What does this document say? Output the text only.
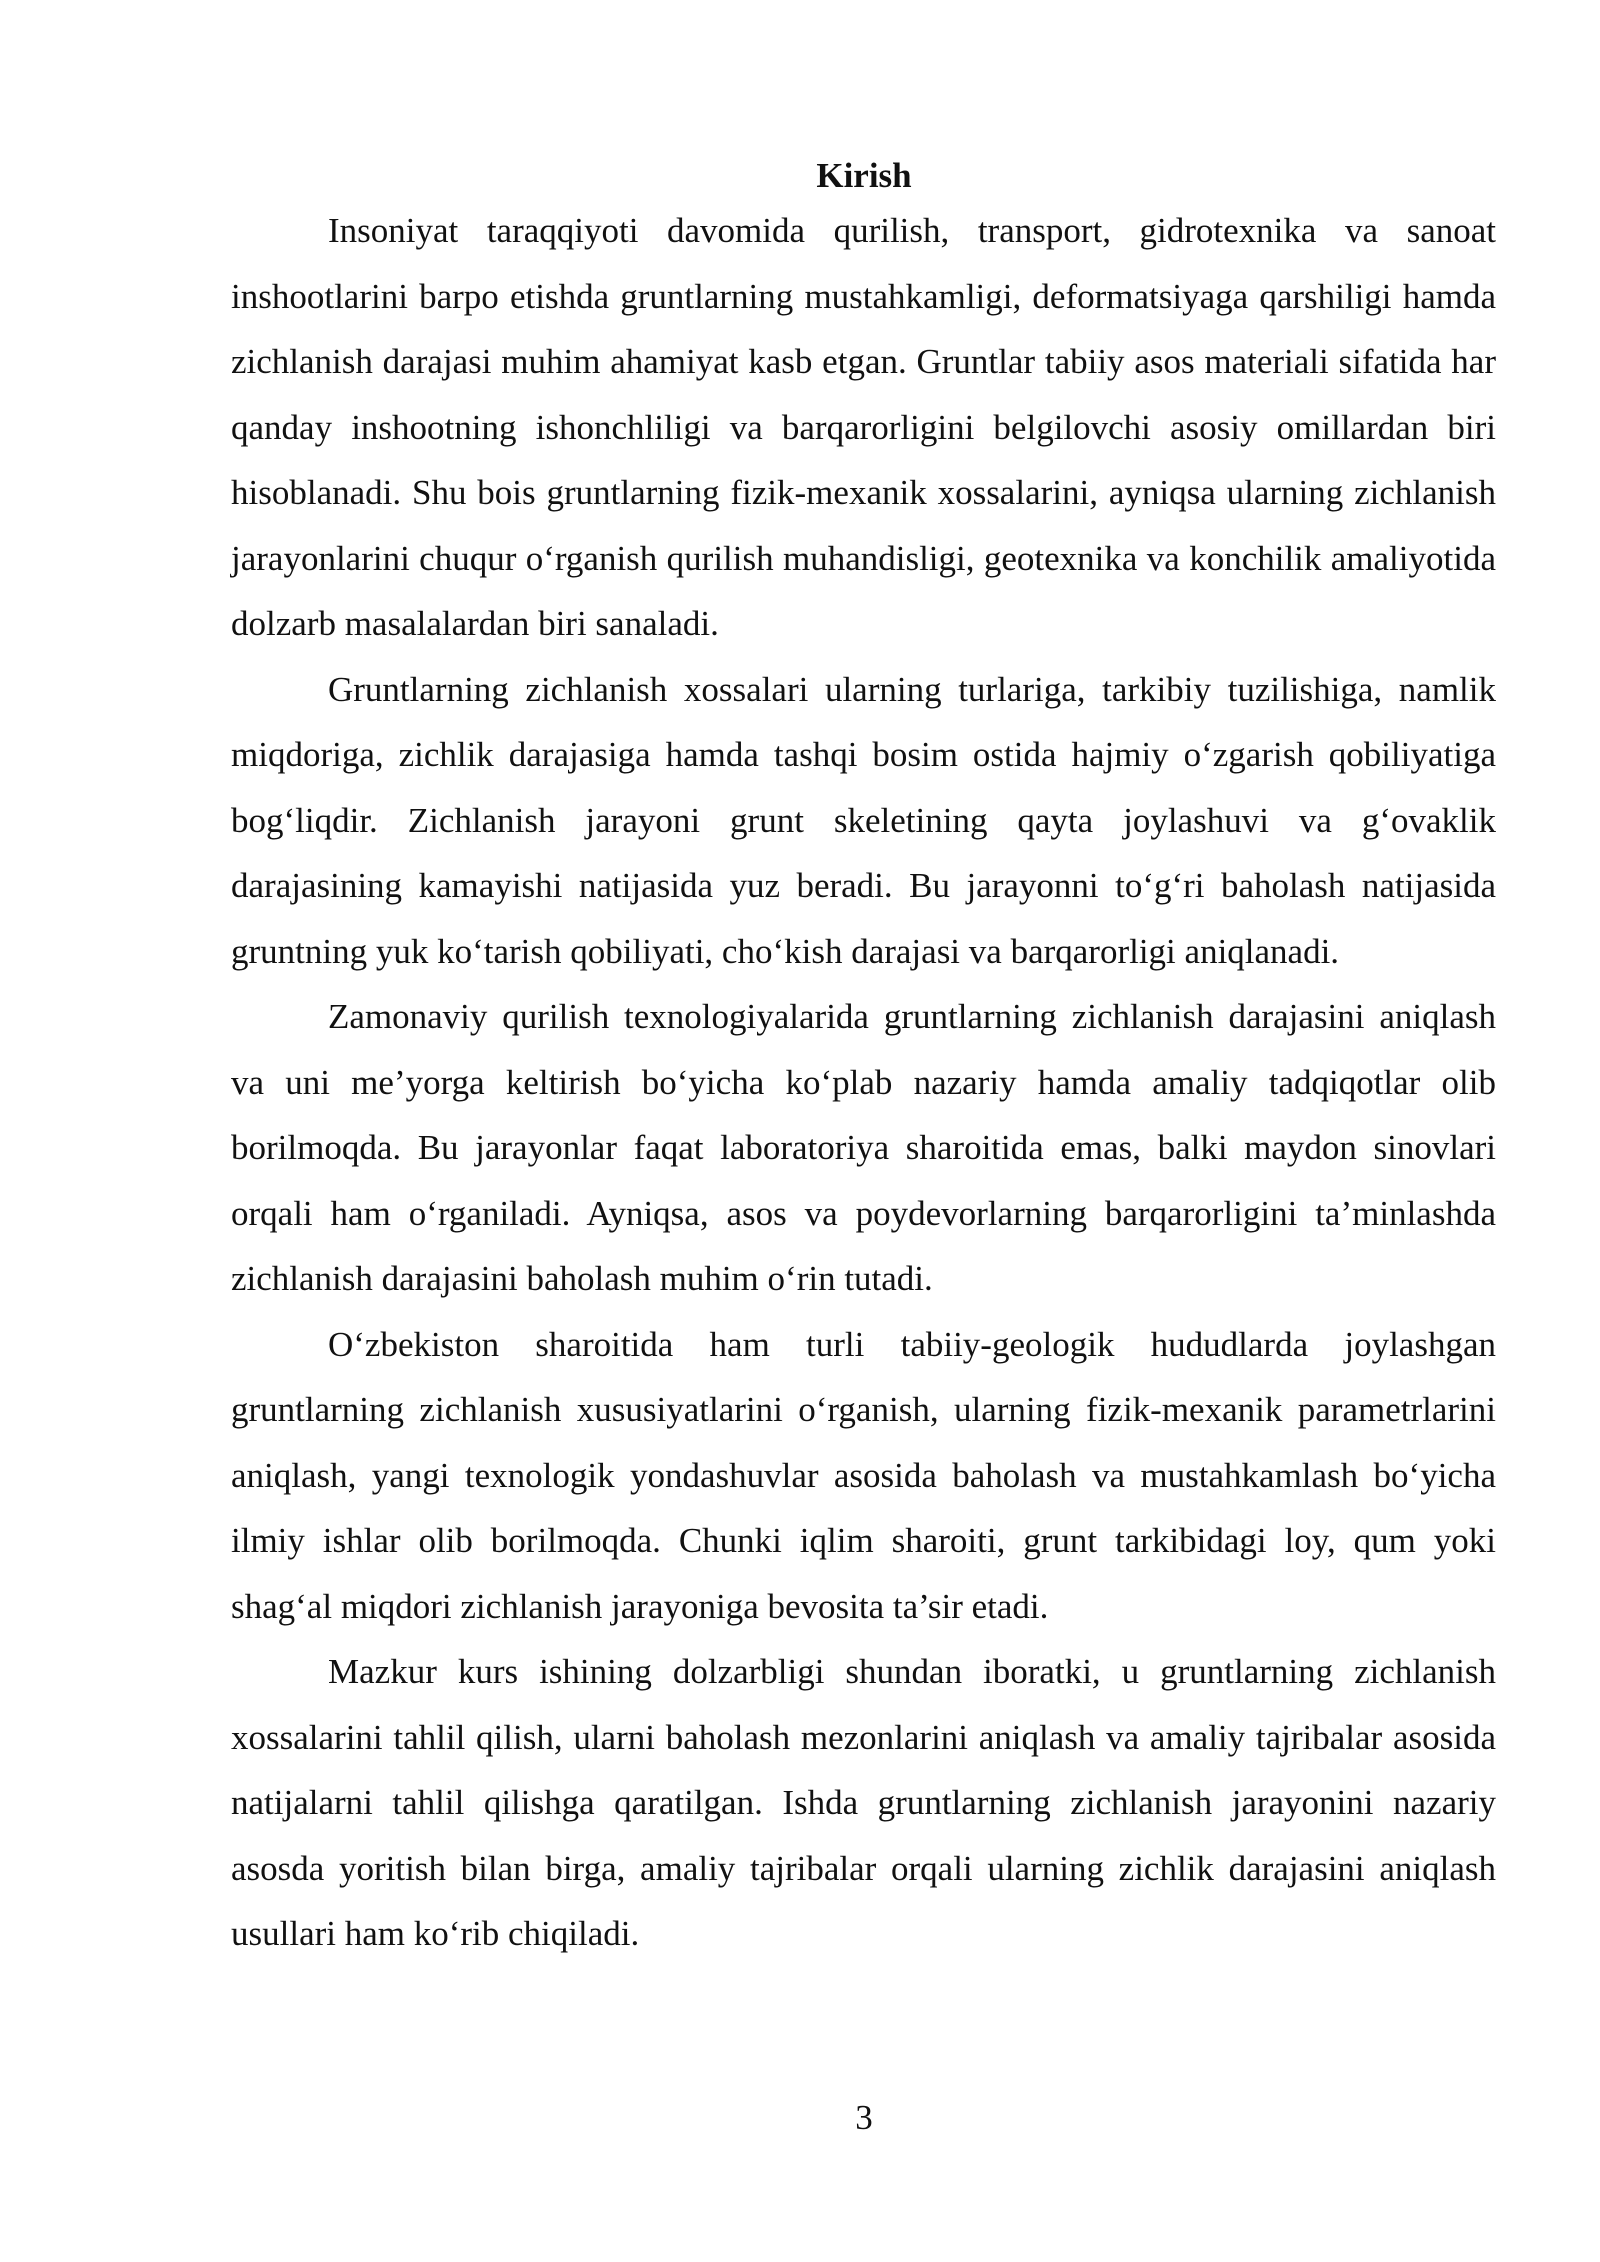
Kirish

Insoniyat taraqqiyoti davomida qurilish, transport, gidrotexnika va sanoat inshootlarini barpo etishda gruntlarning mustahkamligi, deformatsiyaga qarshiligi hamda zichlanish darajasi muhim ahamiyat kasb etgan. Gruntlar tabiiy asos materiali sifatida har qanday inshootning ishonchliligi va barqarorligini belgilovchi asosiy omillardan biri hisoblanadi. Shu bois gruntlarning fizik-mexanik xossalarini, ayniqsa ularning zichlanish jarayonlarini chuqur o‘rganish qurilish muhandisligi, geotexnika va konchilik amaliyotida dolzarb masalalardan biri sanaladi.

Gruntlarning zichlanish xossalari ularning turlariga, tarkibiy tuzilishiga, namlik miqdoriga, zichlik darajasiga hamda tashqi bosim ostida hajmiy o‘zgarish qobiliyatiga bog‘liqdir. Zichlanish jarayoni grunt skeletining qayta joylashuvi va g‘ovaklik darajasining kamayishi natijasida yuz beradi. Bu jarayonni to‘g‘ri baholash natijasida gruntning yuk ko‘tarish qobiliyati, cho‘kish darajasi va barqarorligi aniqlanadi.

Zamonaviy qurilish texnologiyalarida gruntlarning zichlanish darajasini aniqlash va uni me’yorga keltirish bo‘yicha ko‘plab nazariy hamda amaliy tadqiqotlar olib borilmoqda. Bu jarayonlar faqat laboratoriya sharoitida emas, balki maydon sinovlari orqali ham o‘rganiladi. Ayniqsa, asos va poydevorlarning barqarorligini ta’minlashda zichlanish darajasini baholash muhim o‘rin tutadi.

O‘zbekiston sharoitida ham turli tabiiy-geologik hududlarda joylashgan gruntlarning zichlanish xususiyatlarini o‘rganish, ularning fizik-mexanik parametrlarini aniqlash, yangi texnologik yondashuvlar asosida baholash va mustahkamlash bo‘yicha ilmiy ishlar olib borilmoqda. Chunki iqlim sharoiti, grunt tarkibidagi loy, qum yoki shag‘al miqdori zichlanish jarayoniga bevosita ta’sir etadi.

Mazkur kurs ishining dolzarbligi shundan iboratki, u gruntlarning zichlanish xossalarini tahlil qilish, ularni baholash mezonlarini aniqlash va amaliy tajribalar asosida natijalarni tahlil qilishga qaratilgan. Ishda gruntlarning zichlanish jarayonini nazariy asosda yoritish bilan birga, amaliy tajribalar orqali ularning zichlik darajasini aniqlash usullari ham ko‘rib chiqiladi.

3
